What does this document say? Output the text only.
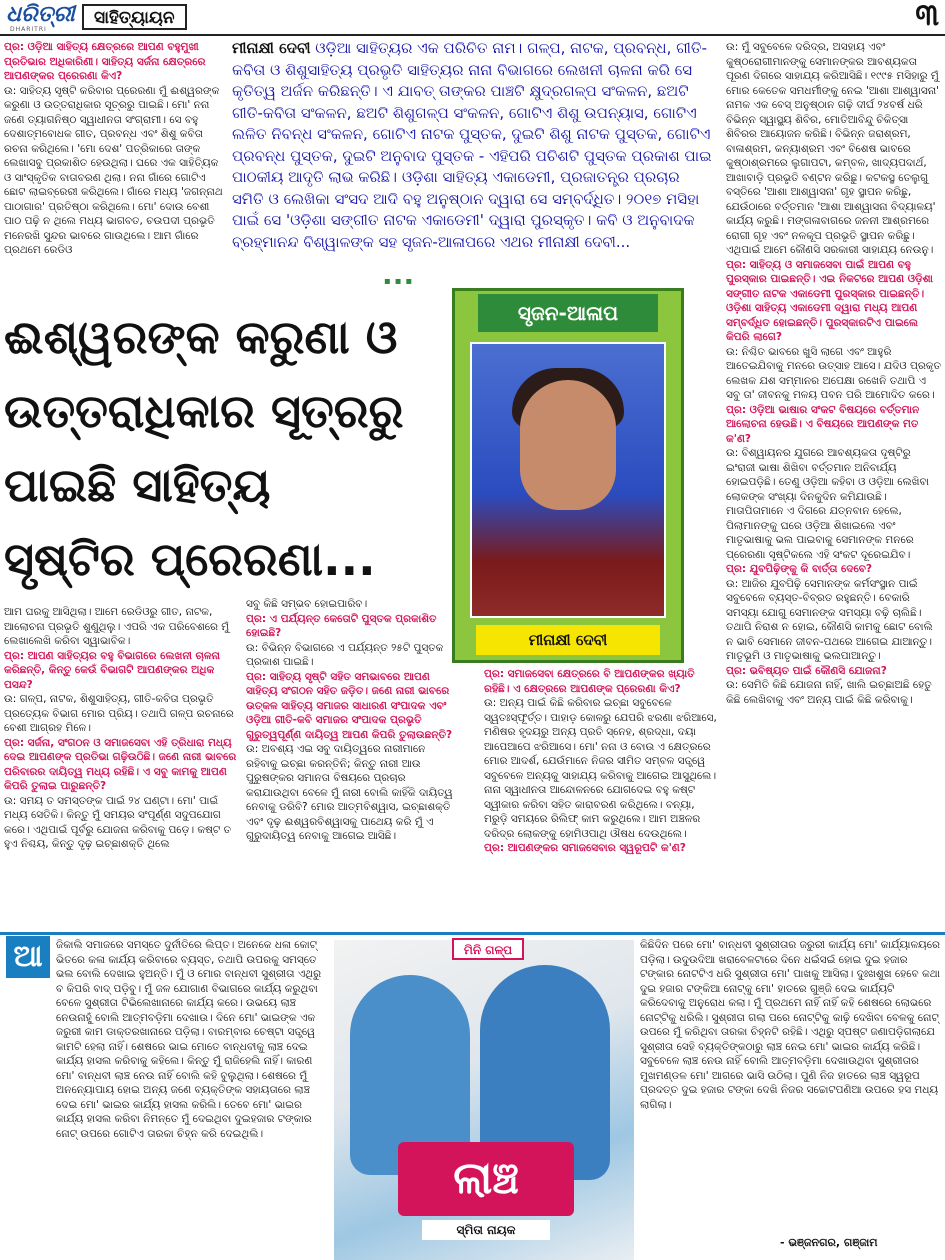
ଧରିତ୍ରୀ
DHARITRI
ସାହିତ୍ୟାୟନ	୩
ପ୍ର: ଓଡ଼ିଆ ସାହିତ୍ୟ କ୍ଷେତ୍ରରେ ଆପଣ ବହୁମୁଖୀ ପ୍ରତିଭାର ଅଧିକାରିଣୀ। ସାହିତ୍ୟ ସର୍ଜନା କ୍ଷେତ୍ରରେ ଆପଣଙ୍କର ପ୍ରେରଣା କିଏ?
ଉ: ସାହିତ୍ୟ ସୃଷ୍ଟି କରିବାର ପ୍ରେରଣା ମୁଁ ଈଶ୍ୱରଙ୍କ କରୁଣା ଓ ଉତ୍ତରାଧିକାର ସୂତ୍ରରୁ ପାଇଛି। ମୋ' ନନା ଜଣେ ତ୍ୟାଗନିଷ୍ଠ ସ୍ୱାଧୀନତା ସଂଗ୍ରାମୀ। ସେ ବହୁ ଦେଶାତ୍ମବୋଧକ ଗୀତ, ପ୍ରବନ୍ଧ ଏବଂ ଶିଶୁ କବିତା ରଚନା କରିଥିଲେ। 'ମୋ ଦେଶ' ପତ୍ରିକାରେ ତାଙ୍କ ଲେଖାସବୁ ପ୍ରକାଶିତ ହେଉଥିଲା। ଘରେ ଏକ ସାହିତ୍ୟିକ ଓ ସାଂସ୍କୃତିକ ବାତାବରଣ ଥିଲା। ନନା ଗାଁରେ ଗୋଟିଏ ଛୋଟ ଲାଇବ୍ରେରୀ କରିଥିଲେ। ଗାଁରେ ମଧ୍ୟ 'ଜଗନ୍ନାଥ ପାଠାଗାର' ପ୍ରତିଷ୍ଠା କରିଥିଲେ। ମୋ' ଦୋଉ ବେଶୀ ପାଠ ପଢ଼ି ନ ଥିଲେ ମଧ୍ୟ ଭାଗବତ, ଚଉପଦୀ ପ୍ରଭୃତି ମନେରଖି ସୁନ୍ଦର ଭାବରେ ଗାଉଥିଲେ। ଆମ ଗାଁରେ ପ୍ରଥମେ ରେଡିଓ
ମୀନାକ୍ଷୀ ଦେବୀ ଓଡ଼ିଆ ସାହିତ୍ୟର ଏକ ପରିଚିତ ନାମ। ଗଳ୍ପ, ନାଟକ, ପ୍ରବନ୍ଧ, ଗୀତି-କବିତା ଓ ଶିଶୁସାହିତ୍ୟ ପ୍ରଭୃତି ସାହିତ୍ୟର ନାନା ବିଭାଗରେ ଲେଖନୀ ଚାଳନା କରି ସେ କୃତିତ୍ୱ ଅର୍ଜନ କରିଛନ୍ତି। ଏ ଯାବତ୍ ତାଙ୍କର ପାଞ୍ଚଟି କ୍ଷୁଦ୍ରଗଳ୍ପ ସଂକଳନ, ଛଅଟି ଗୀତି-କବିତା ସଂକଳନ, ଛଅଟି ଶିଶୁଗଳ୍ପ ସଂକଳନ, ଗୋଟିଏ ଶିଶୁ ଉପନ୍ୟାସ, ଗୋଟିଏ ଲଳିତ ନିବନ୍ଧ ସଂକଳନ, ଗୋଟିଏ ନାଟକ ପୁସ୍ତକ, ଦୁଇଟି ଶିଶୁ ନାଟକ ପୁସ୍ତକ, ଗୋଟିଏ ପ୍ରବନ୍ଧ ପୁସ୍ତକ, ଦୁଇଟି ଅନୁବାଦ ପୁସ୍ତକ - ଏହିପରି ପଚିଶଟି ପୁସ୍ତକ ପ୍ରକାଶ ପାଇ ପାଠକୀୟ ଆଦୃତି ଲାଭ କରିଛି। ଓଡ଼ିଶା ସାହିତ୍ୟ ଏକାଡେମୀ, ପ୍ରଜାତନ୍ତ୍ର ପ୍ରଚାର ସମିତି ଓ ଲେଖିକା ସଂସଦ ଆଦି ବହୁ ଅନୁଷ୍ଠାନ ଦ୍ୱାରା ସେ ସମ୍ବର୍ଦ୍ଧିତ। ୨୦୧୭ ମସିହା ପାଇଁ ସେ 'ଓଡ଼ିଶା ସଙ୍ଗୀତ ନାଟକ ଏକାଡେମୀ' ଦ୍ୱାରା ପୁରସ୍କୃତ। କବି ଓ ଅନୁବାଦକ ବ୍ରହ୍ମାନନ୍ଦ ବିଶ୍ୱାଳଙ୍କ ସହ ସୃଜନ-ଆଳାପରେ ଏଥର ମୀନାକ୍ଷୀ ଦେବୀ...
▪▪▪
ଈଶ୍ୱରଙ୍କ କରୁଣା ଓ
ଉତ୍ତରାଧିକାର ସୂତ୍ରରୁ
ପାଇଛି ସାହିତ୍ୟ
ସୃଷ୍ଟିର ପ୍ରେରଣା...
ସୃଜନ-ଆଳାପ
ମୀନାକ୍ଷୀ ଦେବୀ
ଉ: ମୁଁ ସବୁବେଳେ ଦରିଦ୍ର, ଅସହାୟ ଏବଂ କୁଷ୍ଠରୋଗୀମାନଙ୍କୁ ସେମାନଙ୍କର ଆବଶ୍ୟକତା ପୂରଣ ଦିଗରେ ସାହାଯ୍ୟ କରିଆସିଛି। ୧୯୯୫ ମସିହାରୁ ମୁଁ ମୋର କେତେକ ସମଧର୍ମୀଙ୍କୁ ନେଇ 'ଆଶା ଆଶ୍ୱାସନା' ନାମକ ଏକ ବେସ୍ ଅନୁଷ୍ଠାନ ଗଢ଼ି ଦୀର୍ଘ ୨୪ବର୍ଷ ଧରି ବିଭିନ୍ନ ସ୍ୱାସ୍ଥ୍ୟ ଶିବିର, ମୋତିଆବିନ୍ଦୁ ଚିକିତ୍ସା ଶିବିରର ଆୟୋଜନ କରିଛି। ବିଭିନ୍ନ ଜରାଶ୍ରମ, ବାଳାଶ୍ରମ, କନ୍ୟାଶ୍ରମ ଏବଂ ବିଶେଷ ଭାବରେ କୁଷ୍ଠାଶ୍ରମରେ ଲୁଗାପଟା, କମ୍ବଳ, ଖାଦ୍ୟପଦାର୍ଥ, ଆଖାବାଡ଼ି ପ୍ରଭୃତି ବଣ୍ଟନ କରିଛୁ। କଟକସ୍ଥ ତେଲୁଗୁ ବସ୍ତିରେ 'ଆଶା ଆଶ୍ୱାସନା' ଗୃହ ସ୍ଥାପନ କରିଛୁ, ଯେଉଁଠାରେ ବର୍ତ୍ତମାନ 'ଆଶା ଆଶ୍ୱାସନା ବିଦ୍ୟାଳୟ' କାର୍ଯ୍ୟ କରୁଛି। ମଙ୍ଗଳାବାଗରେ ଜନନୀ ଆଶ୍ରମରେ ରୋଗୀ ଗୃହ ଏବଂ ନଳକୂପ ପ୍ରଭୃତି ସ୍ଥାପନ କରିଛୁ। ଏଥିପାଇଁ ଆମେ କୌଣସି ସରକାରୀ ସାହାଯ୍ୟ ନେଉନୁ।
ପ୍ର: ସାହିତ୍ୟ ଓ ସମାଜସେବା ପାଇଁ ଆପଣ ବହୁ ପୁରସ୍କାର ପାଇଛନ୍ତି। ଏଇ ନିକଟରେ ଆପଣ ଓଡ଼ିଶା ସଙ୍ଗୀତ ନାଟକ ଏକାଡେମୀ ପୁରସ୍କାର ପାଇଛନ୍ତି। ଓଡ଼ିଶା ସାହିତ୍ୟ ଏକାଡେମୀ ଦ୍ୱାରା ମଧ୍ୟ ଆପଣ ସମ୍ବର୍ଦ୍ଧିତ ହୋଇଛନ୍ତି। ପୁରସ୍କାରଟିଏ ପାଇଲେ କିପରି ଲାଗେ?
ଉ: ନିଶ୍ଚିତ ଭାବରେ ଖୁସି ଲାଗେ ଏବଂ ଆହୁରି ଆତେଇଯିବାକୁ ମନରେ ଉତ୍ସାହ ଆସେ। ଯଦିଓ ପ୍ରକୃତ ଲେଖକ ଯଶ ସମ୍ମାନର ଅପେକ୍ଷା ରଖେନି ତଥାପି ଏ ସବୁ ତା' ଜୀବନକୁ ମଳୟ ପବନ ପରି ଆମୋଦିତ କରେ।
ପ୍ର: ଓଡ଼ିଆ ଭାଷାର ସଂକଟ ବିଷୟରେ ବର୍ତ୍ତମାନ ଆଲୋଚନା ହେଉଛି। ଏ ବିଷୟରେ ଆପଣଙ୍କ ମତ କ'ଣ?
ଉ: ବିଶ୍ୱାୟନର ଯୁଗରେ ଆବଶ୍ୟକତା ଦୃଷ୍ଟିରୁ ଇଂରାଜୀ ଭାଷା ଶିଖିବା ବର୍ତ୍ତମାନ ଅନିବାର୍ଯ୍ୟ ହୋଇପଡ଼ିଛି। ତେଣୁ ଓଡ଼ିଆ କହିବା ଓ ଓଡ଼ିଆ ଲେଖିବା ଲୋକଙ୍କ ସଂଖ୍ୟା ଦିନକୁଦିନ କମିଯାଉଛି। ମାତାପିତାମାନେ ଏ ଦିଗରେ ଯତ୍ନବାନ ହେଲେ, ପିଲାମାନଙ୍କୁ ଘରେ ଓଡ଼ିଆ ଶିଖାଇଲେ ଏବଂ ମାତୃଭାଷାକୁ ଭଲ ପାଇବାକୁ ସେମାନଙ୍କ ମନରେ ପ୍ରେରଣା ସୃଷ୍ଟିକଲେ ଏହି ସଂକଟ ଦୂରେଇଯିବ।
ପ୍ର: ଯୁବପିଢ଼ିଙ୍କୁ କି ବାର୍ତ୍ତା ଦେବେ?
ଉ: ଆଜିର ଯୁବପିଢ଼ି ସେମାନଙ୍କ କର୍ମସଂସ୍ଥାନ ପାଇଁ ସବୁବେଳେ ବ୍ୟସ୍ତ-ବିବ୍ରତ ରହୁଛନ୍ତି। ବେକାରି ସମସ୍ୟା ଯୋଗୁ ସେମାନଙ୍କ ସମସ୍ୟା ବଢ଼ି ଚାଲିଛି। ତଥାପି ନିରାଶ ନ ହୋଇ, କୌଣସି କାମକୁ ଛୋଟ ବୋଲି ନ ଭାବି ସେମାନେ ଜୀବନ-ପଥରେ ଆଗେଇ ଯାଆନ୍ତୁ। ମାତୃଭୂମି ଓ ମାତୃଭାଷାକୁ ଭଲପାଆନ୍ତୁ।
ପ୍ର: ଭବିଷ୍ୟତ ପାଇଁ କୌଣସି ଯୋଜନା?
ଉ: ସେମିତି କିଛି ଯୋଜନା ନାହିଁ, ଖାଲି ଇଚ୍ଛାଅଛି ହେତୁ କିଛି ଲେଖିବାକୁ ଏବଂ ଅନ୍ୟ ପାଇଁ କିଛି କରିବାକୁ।
ଆମ ଘରକୁ ଆସିଥିଲା। ଆମେ ରେଡିଓରୁ ଗୀତ, ନାଟକ, ଆଲୋଚନା ପ୍ରଭୃତି ଶୁଣୁଥିଲୁ। ଏପରି ଏକ ପରିବେଶରେ ମୁଁ ଲେଖାଲେଖି କରିବା ସ୍ୱାଭାବିକ।
ପ୍ର: ଆପଣ ସାହିତ୍ୟର ବହୁ ବିଭାଗରେ ଲେଖନୀ ଚାଳନା କରିଛନ୍ତି, କିନ୍ତୁ କେଉଁ ବିଭାଗଟି ଆପଣଙ୍କର ଅଧିକ ପସନ୍ଦ?
ଉ: ଗଳ୍ପ, ନାଟକ, ଶିଶୁସାହିତ୍ୟ, ଗୀତି-କବିତା ପ୍ରଭୃତି ପ୍ରତ୍ୟେକ ବିଭାଗ ମୋର ପ୍ରିୟ। ତଥାପି ଗଳ୍ପ ରଚନାରେ ବେଶୀ ଆଗ୍ରହ ମିଳେ।
ପ୍ର: ସର୍ଜନା, ସଂଗଠନ ଓ ସମାଜସେବା ଏହି ତ୍ରିଧାରା ମଧ୍ୟ ଦେଇ ଆପଣଙ୍କ ପ୍ରତିଭା ଗଢ଼ିଉଠିଛି। ଜଣେ ନାରୀ ଭାବରେ ପରିବାରର ଦାୟିତ୍ୱ ମଧ୍ୟ ରହିଛି। ଏ ସବୁ କାମକୁ ଆପଣ କିପରି ତୁଲାଇ ପାରୁଛନ୍ତି?
ଉ: ସମୟ ତ ସମସ୍ତଙ୍କ ପାଇଁ ୨୪ ଘଣ୍ଟା। ମୋ' ପାଇଁ ମଧ୍ୟ ସେତିକି। କିନ୍ତୁ ମୁଁ ସମୟର ସଂପୂର୍ଣ୍ଣ ସଦୁପଯୋଗ କରେ। ଏଥିପାଇଁ ପୂର୍ବରୁ ଯୋଜନା କରିବାକୁ ପଡ଼େ। କଷ୍ଟ ତ ହୁଏ ନିଶ୍ଚୟ, କିନ୍ତୁ ଦୃଢ଼ ଇଚ୍ଛାଶକ୍ତି ଥିଲେ
ସବୁ କିଛି ସମ୍ଭବ ହୋଇପାରିବ।
ପ୍ର: ଏ ପର୍ଯ୍ୟନ୍ତ କେତୋଟି ପୁସ୍ତକ ପ୍ରକାଶିତ ହୋଇଛି?
ଉ: ବିଭିନ୍ନ ବିଭାଗରେ ଏ ପର୍ଯ୍ୟନ୍ତ ୨୫ଟି ପୁସ୍ତକ ପ୍ରକାଶ ପାଇଛି।
ପ୍ର: ସାହିତ୍ୟ ସୃଷ୍ଟି ସହିତ ସମଭାବରେ ଆପଣ ସାହିତ୍ୟ ସଂଗଠନ ସହିତ ଜଡ଼ିତ। ଜଣେ ନାରୀ ଭାବରେ ଉତ୍କଳ ସାହିତ୍ୟ ସମାଜର ସାଧାରଣ ସଂପାଦକ ଏବଂ ଓଡ଼ିଆ ଗୀତି-କବି ସମାଜର ସଂପାଦକ ପ୍ରଭୃତି ଗୁରୁତ୍ୱପୂର୍ଣ୍ଣ ଦାୟିତ୍ୱ ଆପଣ କିପରି ତୁଲାଉଛନ୍ତି?
ଉ: ଅବଶ୍ୟ ଏଇ ସବୁ ଦାୟିତ୍ୱରେ ନାରୀମାନେ ରହିବାକୁ ଇଚ୍ଛା କରନ୍ତିନି; କିନ୍ତୁ ନାରୀ ଆଉ ପୁରୁଷଙ୍କର ସମାନତା ବିଷୟରେ ପ୍ରଚାର କରାଯାଉଥିବା ବେଳେ ମୁଁ ନାରୀ ବୋଲି କାହିଁକି ଦାୟିତ୍ୱ ନେବାକୁ ଡରିବି? ମୋର ଆତ୍ମବିଶ୍ୱାସ, ଇଚ୍ଛାଶକ୍ତି ଏବଂ ଦୃଢ଼ ଈଶ୍ୱରବିଶ୍ୱାସକୁ ପାଥେୟ କରି ମୁଁ ଏ ଗୁରୁଦାୟିତ୍ୱ ନେବାକୁ ଆଗେଇ ଆସିଛି।
ପ୍ର: ସମାଜସେବା କ୍ଷେତ୍ରରେ ବି ଆପଣଙ୍କର ଖ୍ୟାତି ରହିଛି। ଏ କ୍ଷେତ୍ରରେ ଆପଣଙ୍କ ପ୍ରେରଣା କିଏ?
ଉ: ଅନ୍ୟ ପାଇଁ କିଛି କରିବାର ଇଚ୍ଛା ସବୁବେଳେ ସ୍ୱତଃସ୍ଫୂର୍ତ୍ତ। ପାହାଡ଼ କୋଳରୁ ଯେପରି ଝରଣା ଝରିଆସେ, ମଣିଷର ହୃଦୟରୁ ଅନ୍ୟ ପ୍ରତି ସ୍ନେହ, ଶ୍ରଦ୍ଧା, ଦୟା ଆପେଆପେ ଝରିଆସେ। ମୋ' ନନା ଓ ବୋଉ ଏ କ୍ଷେତ୍ରରେ ମୋର ଆଦର୍ଶ, ଯେଉଁମାନେ ନିଜର ସୀମିତ ସମ୍ବଳ ସତ୍ତ୍ୱେ ସବୁବେଳେ ଅନ୍ୟକୁ ସାହାଯ୍ୟ କରିବାକୁ ଆଗେଇ ଆସୁଥିଲେ। ନାନା ସ୍ୱାଧୀନତା ଆନ୍ଦୋଳନରେ ଯୋଗଦେଇ ବହୁ କଷ୍ଟ ସ୍ୱୀକାର କରିବା ସହିତ କାରାବରଣ କରିଥିଲେ। ବନ୍ୟା, ମରୁଡ଼ି ସମୟରେ ରିଲିଫ୍ କାମ କରୁଥିଲେ। ଆମ ଅଞ୍ଚଳର ଦରିଦ୍ର ଲୋକଙ୍କୁ ହୋମିଓପାଥି ଔଷଧ ଦେଉଥିଲେ।
ପ୍ର: ଆପଣଙ୍କର ସମାଜସେବାର ସ୍ୱରୂପଟି କ'ଣ?
ଆ	ଜିକାଲି ସମାଜରେ ସମସ୍ତେ ଦୁର୍ନୀତିରେ ଲିପ୍ତ। ଅନେକେ ଧଳା କୋଟ୍ ଭିତରେ କଳା କାର୍ଯ୍ୟ କରିବାରେ ବ୍ୟସ୍ତ, ତଥାପି ଉପରକୁ ସମସ୍ତେ ଭଲ ବୋଲି ଦେଖାଇ ହୁଅନ୍ତି। ମୁଁ ଓ ମୋର ବାନ୍ଧବୀ ସୁଶ୍ରୀତା ଏଥିରୁ ବ କିପରି ବାଦ୍ ପଡ଼ିବୁ। ମୁଁ ଜଳ ଯୋଗାଣ ବିଭାଗରେ କାର୍ଯ୍ୟ କରୁଥିବା ବେଳେ ସୁଶ୍ରୀତା ଟିଭିଲେଖାନାରେ କାର୍ଯ୍ୟ କରେ। ଉଭୟେ ଲାଞ୍ଚ ନେଉନାହୁଁ ବୋଲି ଆତ୍ମବଡ଼ିମା ଦେଖାଉ। ଦିନେ ମୋ' ଭାଇଙ୍କ ଏକ ଜରୁରୀ କାମ ଡାକ୍ତରଖାନାରେ ପଡ଼ିଲା। ବାରମ୍ବାର ଚେଷ୍ଟା ସତ୍ତ୍ୱେ କାମଟି ହେଲା ନାହିଁ। ଶେଷରେ ଭାଇ ମୋତେ ବାନ୍ଧବୀକୁ ଲାଞ୍ଚ ଦେଇ କାର୍ଯ୍ୟ ହାସଲ କରିବାକୁ କହିଲେ। କିନ୍ତୁ ମୁଁ ରାଜିହେଲି ନାହିଁ। କାରଣ ମୋ' ବାନ୍ଧବୀ ଲାଞ୍ଚ ନେଉ ନାହିଁ ବୋଲି କହି ବୁଲୁଥିଲା। ଶେଷରେ ମୁଁ ଅନନ୍ୟୋପାୟ ହୋଇ ଅନ୍ୟ ଜଣେ ବ୍ୟକ୍ତିଙ୍କ ସହାୟତାରେ ଲାଞ୍ଚ ଦେଇ ମୋ' ଭାଇର କାର୍ଯ୍ୟ ହାସଲ କରିଲି। ତେବେ ମୋ' ଭାଇର କାର୍ଯ୍ୟ ହାସଲ କରିବା ନିମନ୍ତେ ମୁଁ ଦେଇଥିବା ଦୁଇହଜାର ଟଙ୍କାର ନୋଟ୍ ଉପରେ ଗୋଟିଏ ତାରକା ଚିହ୍ନ କରି ଦେଇଥିଲି।
ମିନି ଗଳ୍ପ
ଲାଞ୍ଚ
ସ୍ମିତା ନାୟକ
କିଛିଦିନ ପରେ ମୋ' ବାନ୍ଧବୀ ସୁଶ୍ରୀତାର ଜରୁରୀ କାର୍ଯ୍ୟ ମୋ' କାର୍ଯ୍ୟାଳୟରେ ପଡ଼ିଲା। ଉଦୁଉଦିଆ ଖରାବେଳଟାରେ ଦିନେ ଧଇଁସଇଁ ହୋଇ ଦୁଇ ହଜାର ଟଙ୍କାର ନୋଟଟିଏ ଧରି ସୁଶ୍ରୀତା ମୋ' ପାଖକୁ ଆସିଲା। ଦୁଃଖଶୁଖ ହେବେ କଥା ଦୁଇ ହଜାର ଟଙ୍କିଆ ନୋଟ୍କୁ ମୋ' ହାତରେ ଗୁଞ୍ଜି ଦେଇ କାର୍ଯ୍ୟଟି କରିଦେବାକୁ ଅନୁରୋଧ କଲା। ମୁଁ ପ୍ରଥମେ ନାହିଁ ନାହିଁ କହି ଶେଷରେ ଲୋଭରେ ନୋଟ୍ଟିକୁ ଧରିଲି। ସୁଶ୍ରୀତା ଗଲା ପରେ ନୋଟ୍ଟିକୁ କାଢ଼ି ଦେଖିବା ବେଳକୁ ନୋଟ୍ ଉପରେ ମୁଁ କରିଥିବା ତାରକା ଚିହ୍ନଟି ରହିଛି। ଏଥିରୁ ସ୍ପଷ୍ଟ ଜଣାପଡ଼ିଗଲାଯେ ସୁଶ୍ରୀତା ସେହି ବ୍ୟକ୍ତିଙ୍କଠାରୁ ଲାଞ୍ଚ ନେଇ ମୋ' ଭାଇର କାର୍ଯ୍ୟ କରିଛି। ସବୁବେଳେ ଲାଞ୍ଚ ନେଉ ନାହିଁ ବୋଲି ଆତ୍ମବଡ଼ିମା ଦେଖାଉଥିବା ସୁଶ୍ରୀତାର ମୁଖମଣ୍ଡଳ ମୋ' ଆଗରେ ଭାସି ଉଠିଲା। ପୁଣି ନିଜ ହାତରେ ଲାଞ୍ଚ ସ୍ୱରୂପ ପ୍ରଦତ୍ତ ଦୁଇ ହଜାର ଟଙ୍କା ଦେଖି ନିଜର ସଚ୍ଚୋଟପଣିଆ ଉପରେ ହସ ମଧ୍ୟ ଲାଗିଲା।
- ଭଞ୍ଜନଗର, ଗଞ୍ଜାମ
